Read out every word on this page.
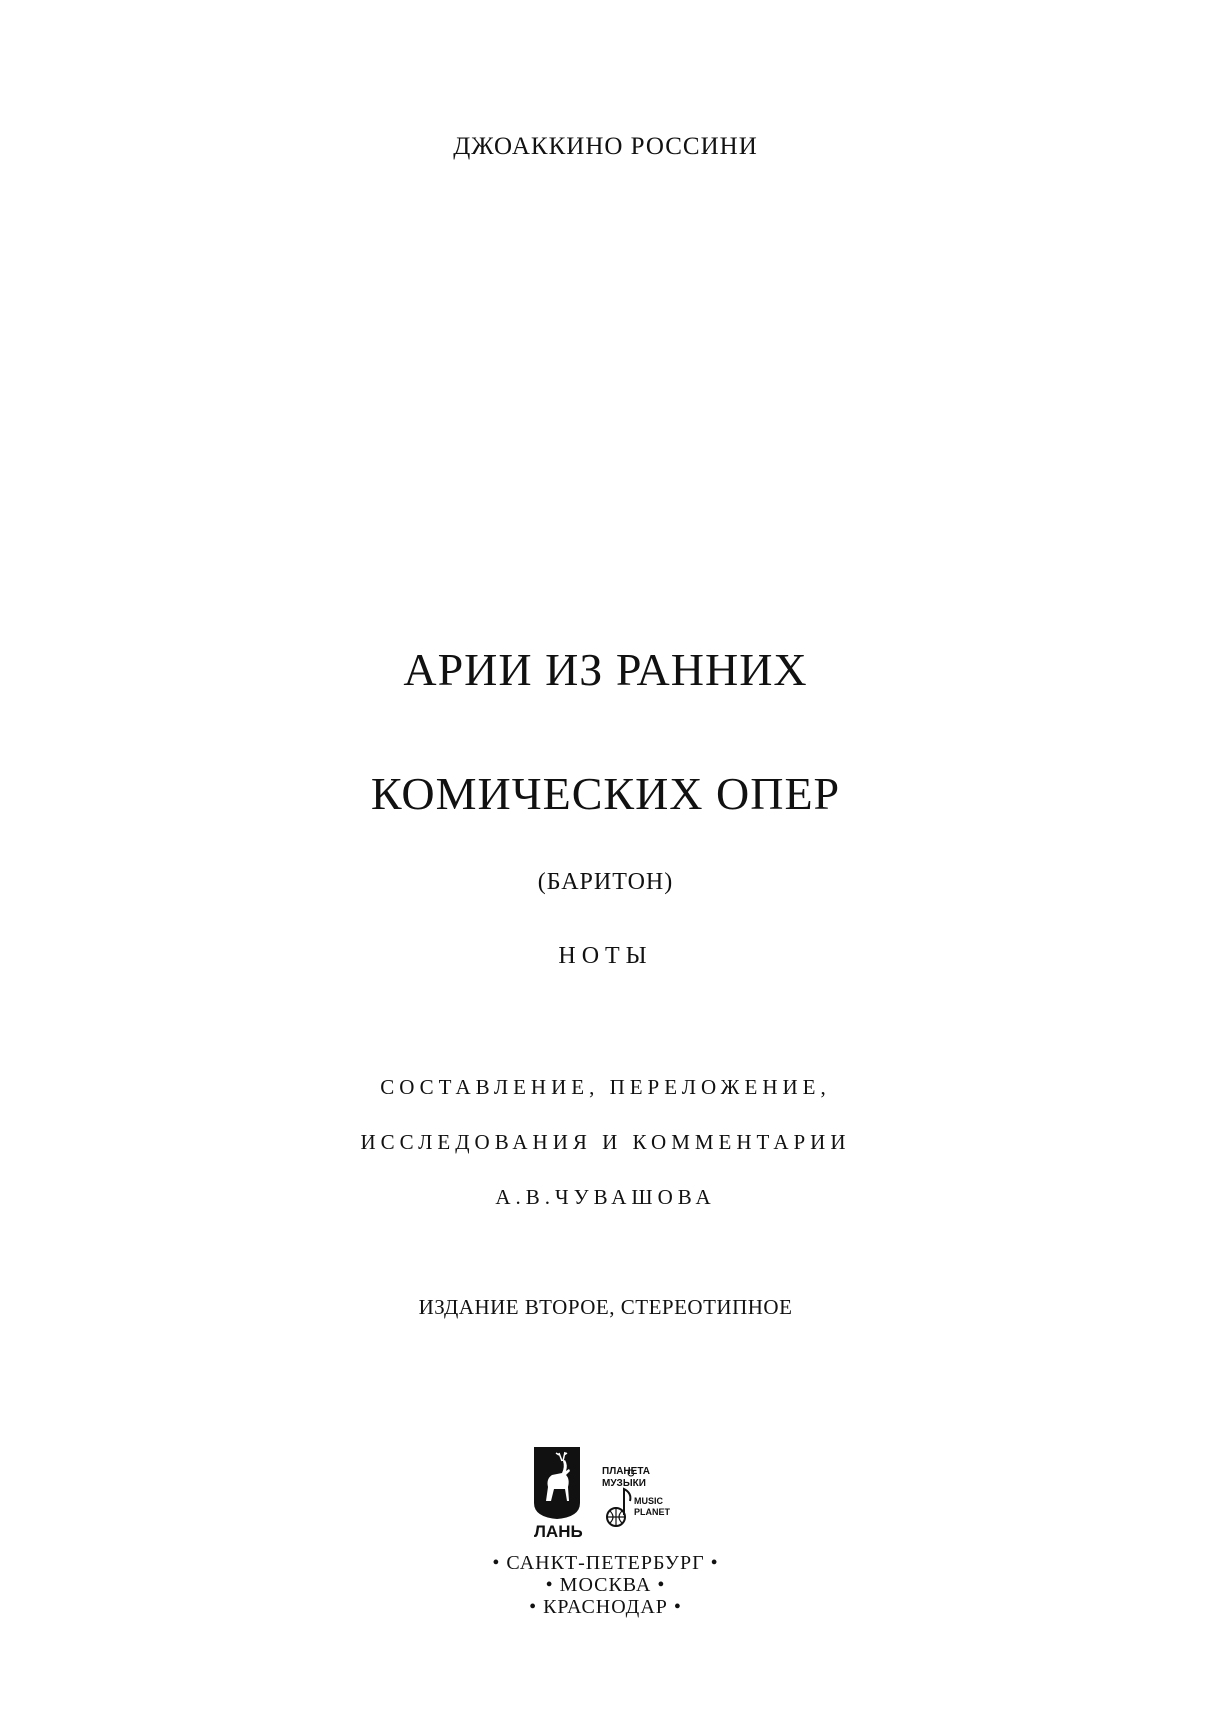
ДЖОАККИНО РОССИНИ
АРИИ ИЗ РАННИХ
КОМИЧЕСКИХ ОПЕР
(БАРИТОН)
НОТЫ
СОСТАВЛЕНИЕ, ПЕРЕЛОЖЕНИЕ,
ИССЛЕДОВАНИЯ И КОММЕНТАРИИ
А.В.ЧУВАШОВА
ИЗДАНИЕ ВТОРОЕ, СТЕРЕОТИПНОЕ
ЛАНЬ
ПЛАНЕТА
МУЗЫКИ
MUSIC
PLANET
• САНКТ-ПЕТЕРБУРГ •
• МОСКВА •
• КРАСНОДАР •
